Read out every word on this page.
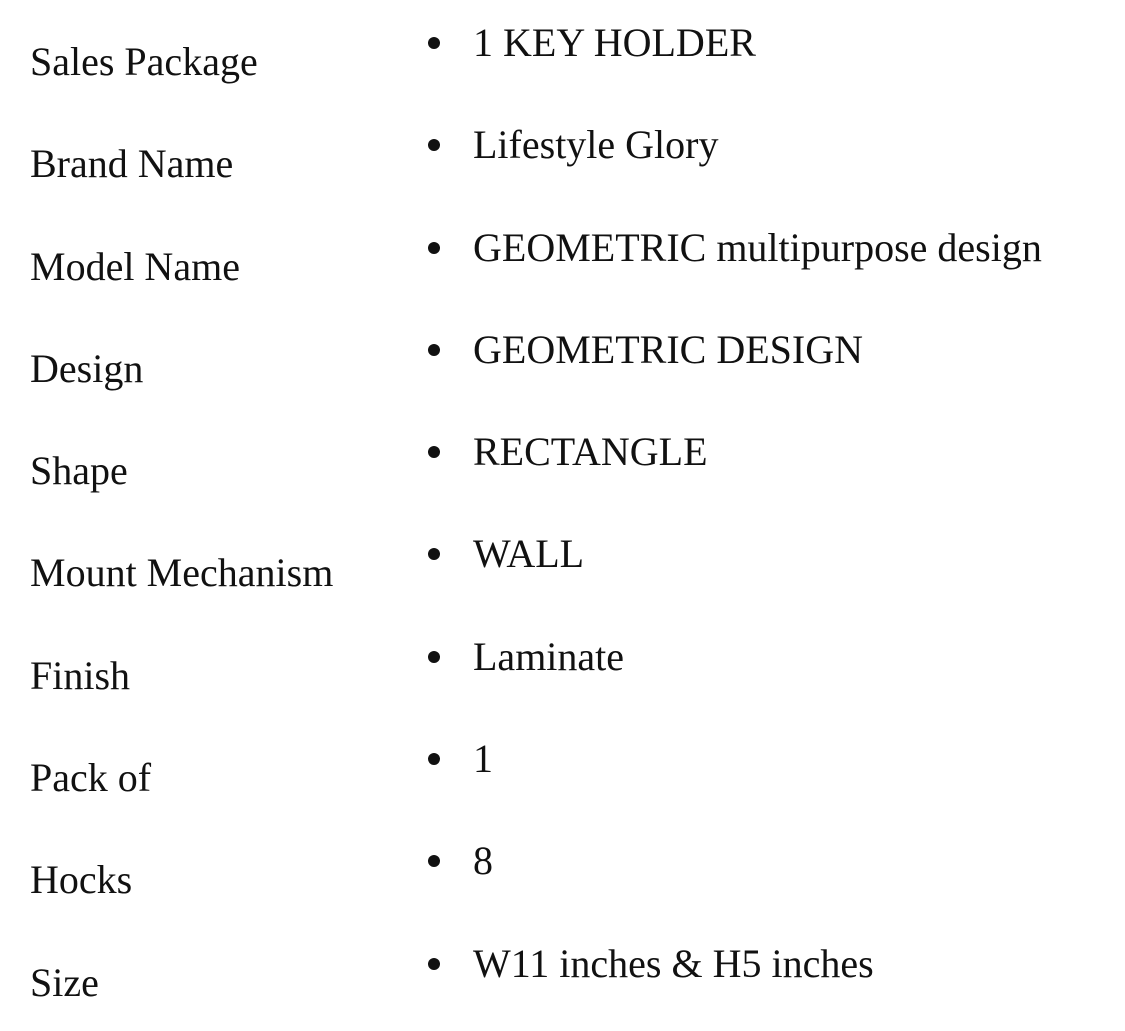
Sales Package	1 KEY HOLDER
Brand Name	Lifestyle Glory
Model Name	GEOMETRIC multipurpose design
Design	GEOMETRIC DESIGN
Shape	RECTANGLE
Mount Mechanism	WALL
Finish	Laminate
Pack of	1
Hocks	8
Size	W11 inches & H5 inches
